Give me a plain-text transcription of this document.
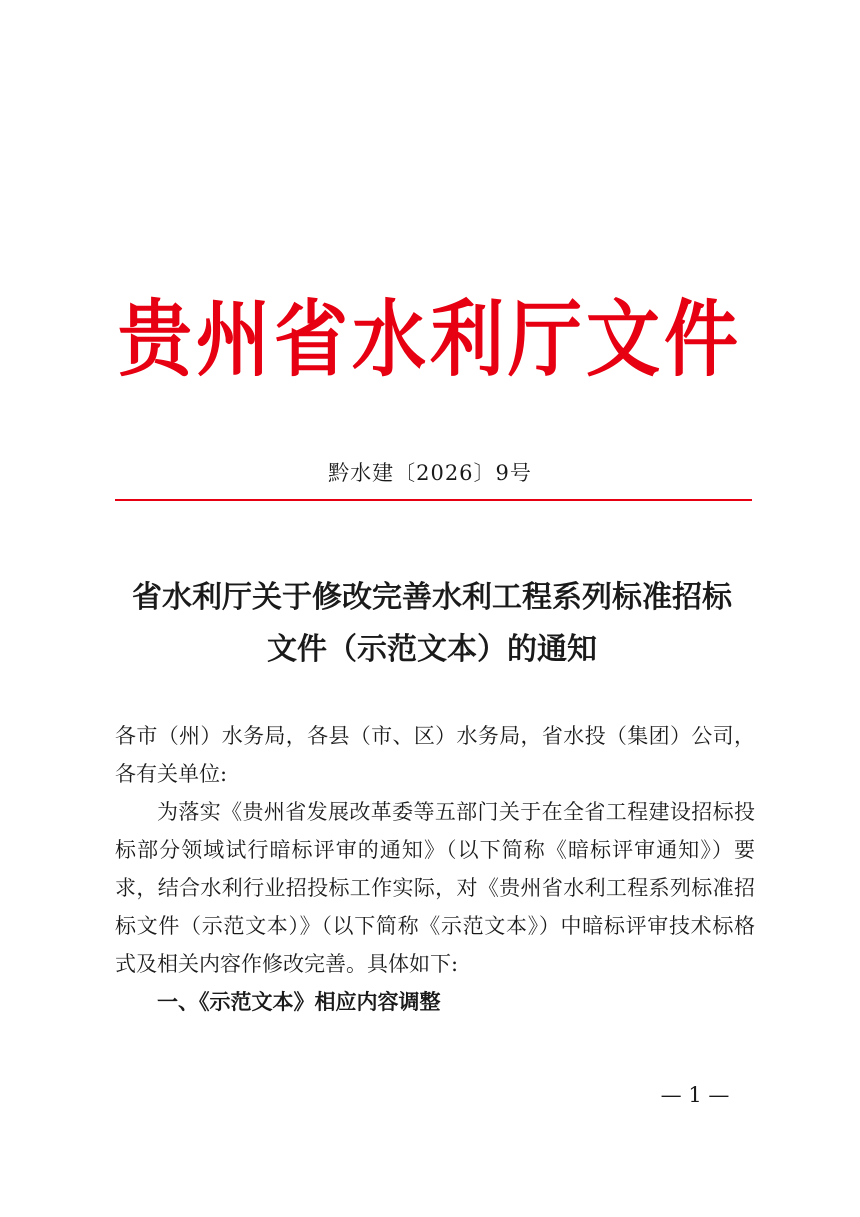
贵州省水利厅文件
黔水建〔2026〕9号
省水利厅关于修改完善水利工程系列标准招标
文件（示范文本）的通知

各市（州）水务局，各县（市、区）水务局，省水投（集团）公司，各有关单位:

为落实《贵州省发展改革委等五部门关于在全省工程建设招标投标部分领域试行暗标评审的通知》（以下简称《暗标评审通知》）要求，结合水利行业招投标工作实际，对《贵州省水利工程系列标准招标文件（示范文本）》（以下简称《示范文本》）中暗标评审技术标格式及相关内容作修改完善。具体如下:

一、《示范文本》相应内容调整

— 1 —
